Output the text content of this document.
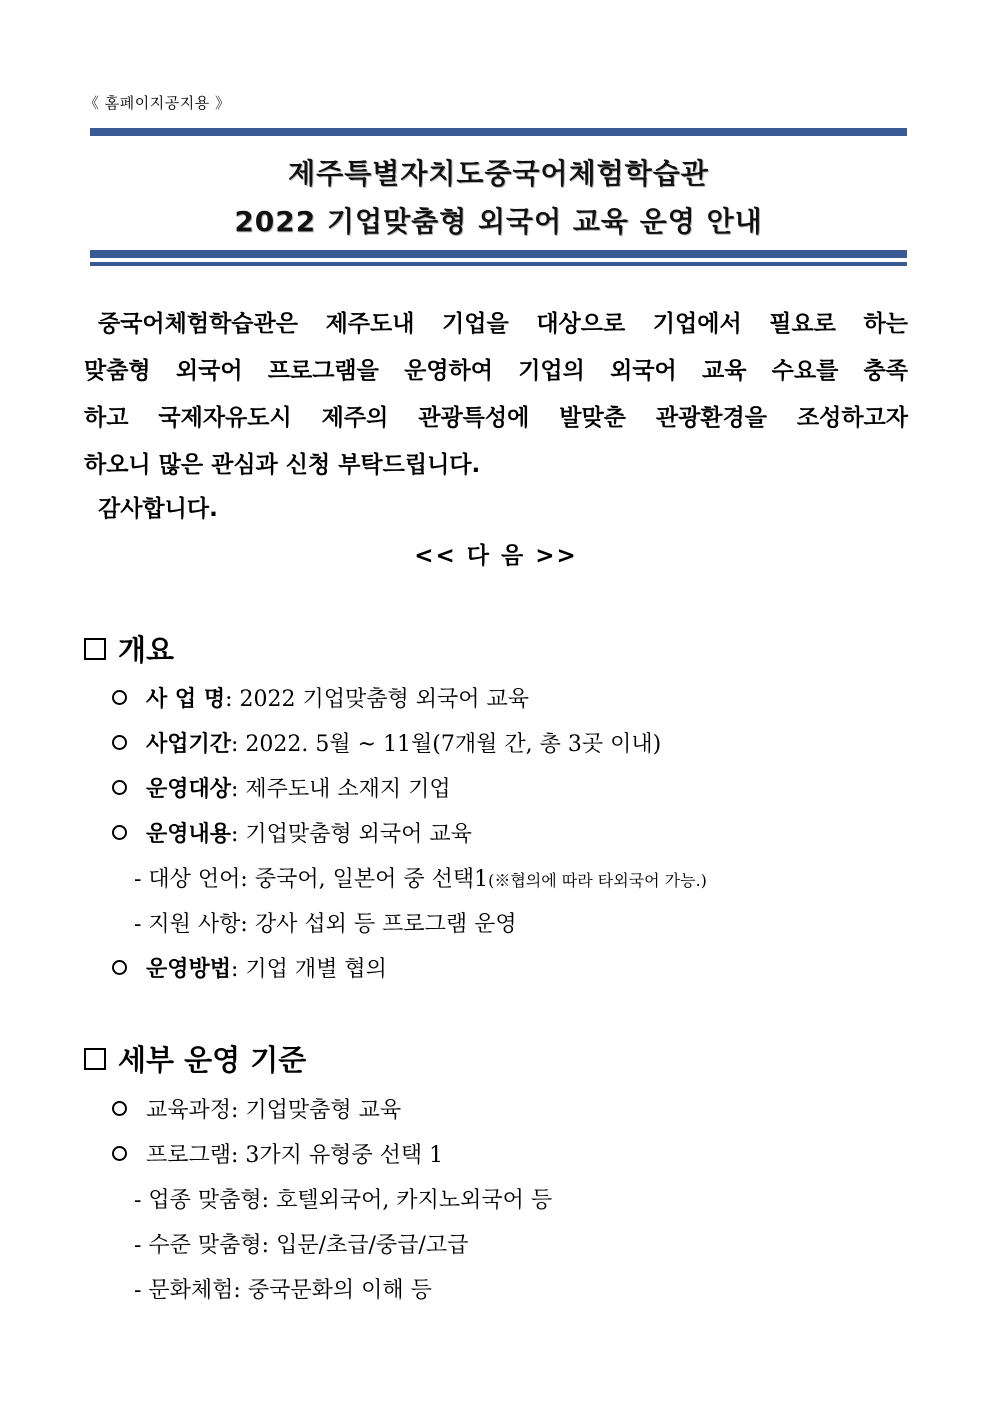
《 홈페이지공지용 》
제주특별자치도중국어체험학습관
2022 기업맞춤형 외국어 교육 운영 안내
중국어체험학습관은 제주도내 기업을 대상으로 기업에서 필요로 하는
맞춤형 외국어 프로그램을 운영하여 기업의 외국어 교육 수요를 충족
하고 국제자유도시 제주의 관광특성에 발맞춘 관광환경을 조성하고자
하오니 많은 관심과 신청 부탁드립니다.
감사합니다.
<< 다 음 >>
개요
사 업 명 : 2022 기업맞춤형 외국어 교육
사업기간 : 2022. 5월 ~ 11월(7개월 간, 총 3곳 이내)
운영대상 : 제주도내 소재지 기업
운영내용 : 기업맞춤형 외국어 교육
- 대상 언어: 중국어, 일본어 중 선택1(※협의에 따라 타외국어 가능.)
- 지원 사항: 강사 섭외 등 프로그램 운영
운영방법 : 기업 개별 협의
세부 운영 기준
교육과정 : 기업맞춤형 교육
프로그램 : 3가지 유형중 선택 1
- 업종 맞춤형: 호텔외국어, 카지노외국어 등
- 수준 맞춤형: 입문/초급/중급/고급
- 문화체험: 중국문화의 이해 등
